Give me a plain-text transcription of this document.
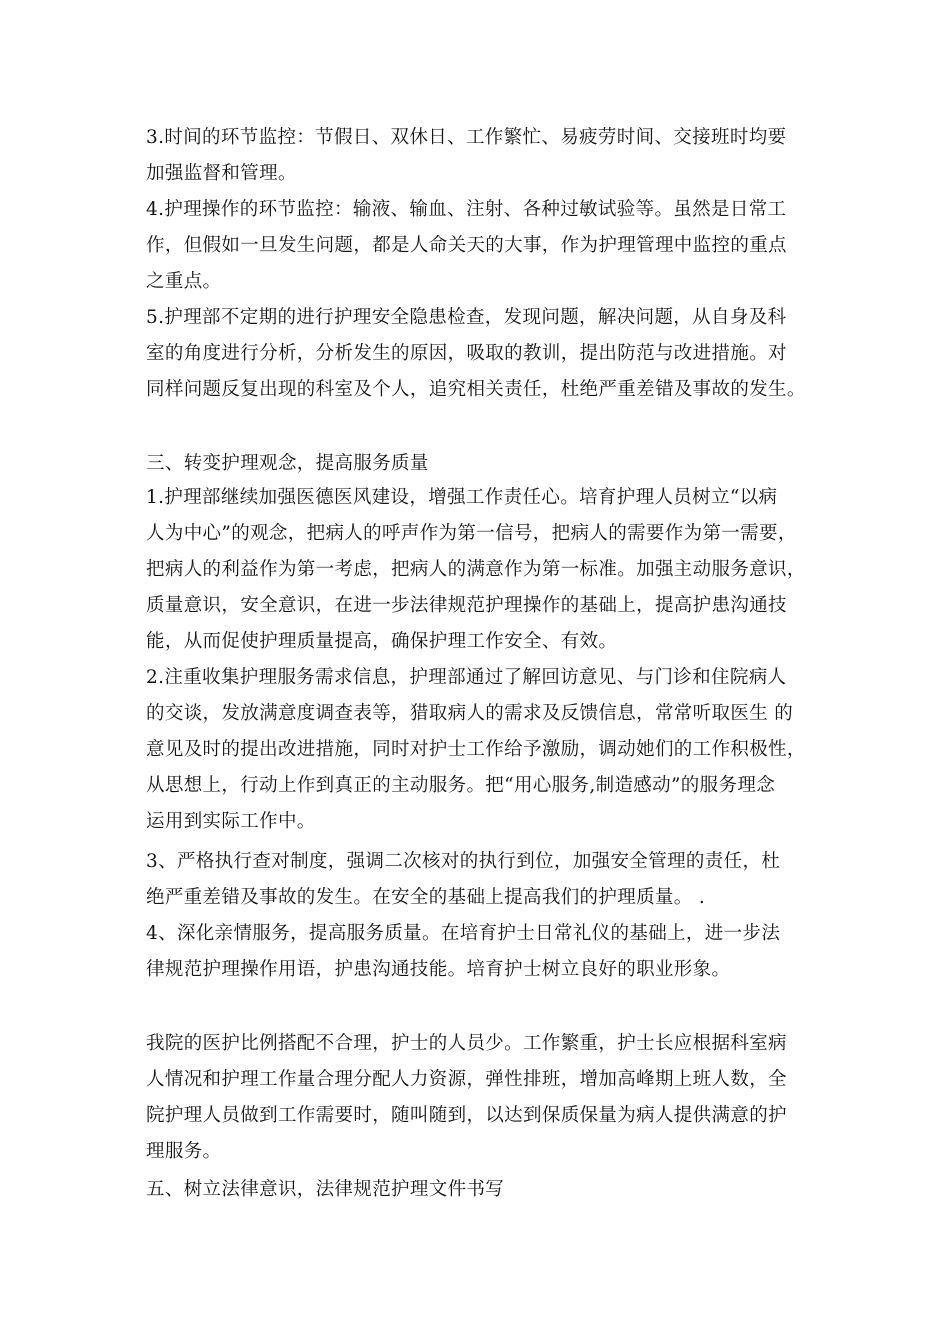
3.时间的环节监控：节假日、双休日、工作繁忙、易疲劳时间、交接班时均要
加强监督和管理。
4.护理操作的环节监控：输液、输血、注射、各种过敏试验等。虽然是日常工
作，但假如一旦发生问题，都是人命关天的大事，作为护理管理中监控的重点
之重点。
5.护理部不定期的进行护理安全隐患检查，发现问题，解决问题，从自身及科
室的角度进行分析，分析发生的原因，吸取的教训，提出防范与改进措施。对
同样问题反复出现的科室及个人，追究相关责任，杜绝严重差错及事故的发生。
三、转变护理观念，提高服务质量
1.护理部继续加强医德医风建设，增强工作责任心。培育护理人员树立“以病
人为中心”的观念，把病人的呼声作为第一信号，把病人的需要作为第一需要，
把病人的利益作为第一考虑，把病人的满意作为第一标准。加强主动服务意识，
质量意识，安全意识，在进一步法律规范护理操作的基础上，提高护患沟通技
能，从而促使护理质量提高，确保护理工作安全、有效。
2.注重收集护理服务需求信息，护理部通过了解回访意见、与门诊和住院病人
的交谈，发放满意度调查表等，猎取病人的需求及反馈信息，常常听取医生 的
意见及时的提出改进措施，同时对护士工作给予激励，调动她们的工作积极性，
从思想上，行动上作到真正的主动服务。把“用心服务,制造感动”的服务理念
运用到实际工作中。
3、严格执行查对制度，强调二次核对的执行到位，加强安全管理的责任，杜
绝严重差错及事故的发生。在安全的基础上提高我们的护理质量。 .
4、深化亲情服务，提高服务质量。在培育护士日常礼仪的基础上，进一步法
律规范护理操作用语，护患沟通技能。培育护士树立良好的职业形象。
我院的医护比例搭配不合理，护士的人员少。工作繁重，护士长应根据科室病
人情况和护理工作量合理分配人力资源，弹性排班，增加高峰期上班人数，全
院护理人员做到工作需要时，随叫随到，以达到保质保量为病人提供满意的护
理服务。
五、树立法律意识，法律规范护理文件书写
